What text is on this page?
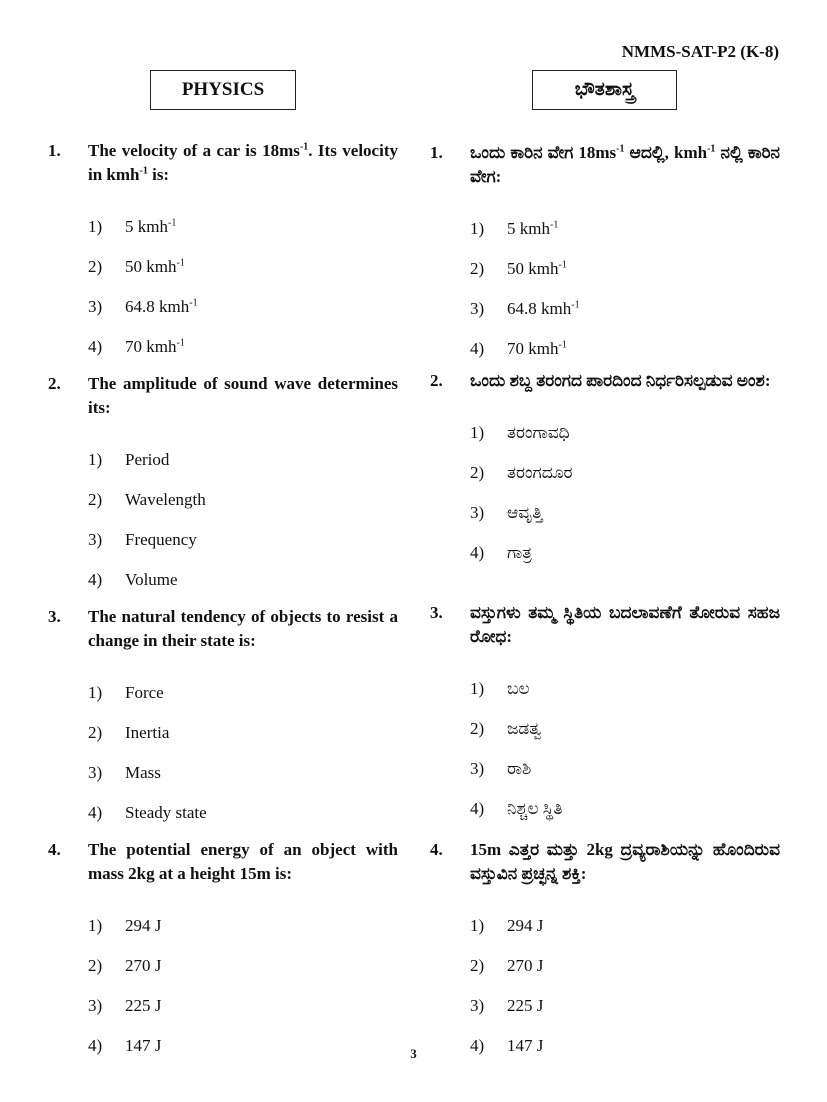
NMMS-SAT-P2 (K-8)
PHYSICS	ಭೌತಶಾಸ್ತ್ರ
1.	The velocity of a car is $18ms^{-1}$. Its velocity in kmh$^{-1}$ is:
1)	5 kmh$^{-1}$
2)	50 kmh$^{-1}$
3)	64.8 kmh$^{-1}$
4)	70 kmh$^{-1}$
2.	The amplitude of sound wave determines its:
1)	Period
2)	Wavelength
3)	Frequency
4)	Volume
3.	The natural tendency of objects to resist a change in their state is:
1)	Force
2)	Inertia
3)	Mass
4)	Steady state
4.	The potential energy of an object with mass 2kg at a height 15m is:
1)	294 J
2)	270 J
3)	225 J
4)	147 J
1.	ಒಂದು ಕಾರಿನ ವೇಗ $18ms^{-1}$ ಆದಲ್ಲಿ, kmh$^{-1}$ ನಲ್ಲಿ ಕಾರಿನ ವೇಗ:
1)	5 kmh$^{-1}$
2)	50 kmh$^{-1}$
3)	64.8 kmh$^{-1}$
4)	70 kmh$^{-1}$
2.	ಒಂದು ಶಬ್ದ ತರಂಗದ ಪಾರದಿಂದ ನಿರ್ಧರಿಸಲ್ಪಡುವ ಅಂಶ:
1)	ತರಂಗಾವಧಿ
2)	ತರಂಗದೂರ
3)	ಆವೃತ್ತಿ
4)	ಗಾತ್ರ
3.	ವಸ್ತುಗಳು ತಮ್ಮ ಸ್ಥಿತಿಯ ಬದಲಾವಣೆಗೆ ತೋರುವ ಸಹಜ ರೋಧ:
1)	ಬಲ
2)	ಜಡತ್ವ
3)	ರಾಶಿ
4)	ನಿಶ್ಚಲ ಸ್ಥಿತಿ
4.	15m ಎತ್ತರ ಮತ್ತು 2kg ದ್ರವ್ಯರಾಶಿಯನ್ನು ಹೊಂದಿರುವ ವಸ್ತುವಿನ ಪ್ರಚ್ಛನ್ನ ಶಕ್ತಿ:
1)	294 J
2)	270 J
3)	225 J
4)	147 J
3
